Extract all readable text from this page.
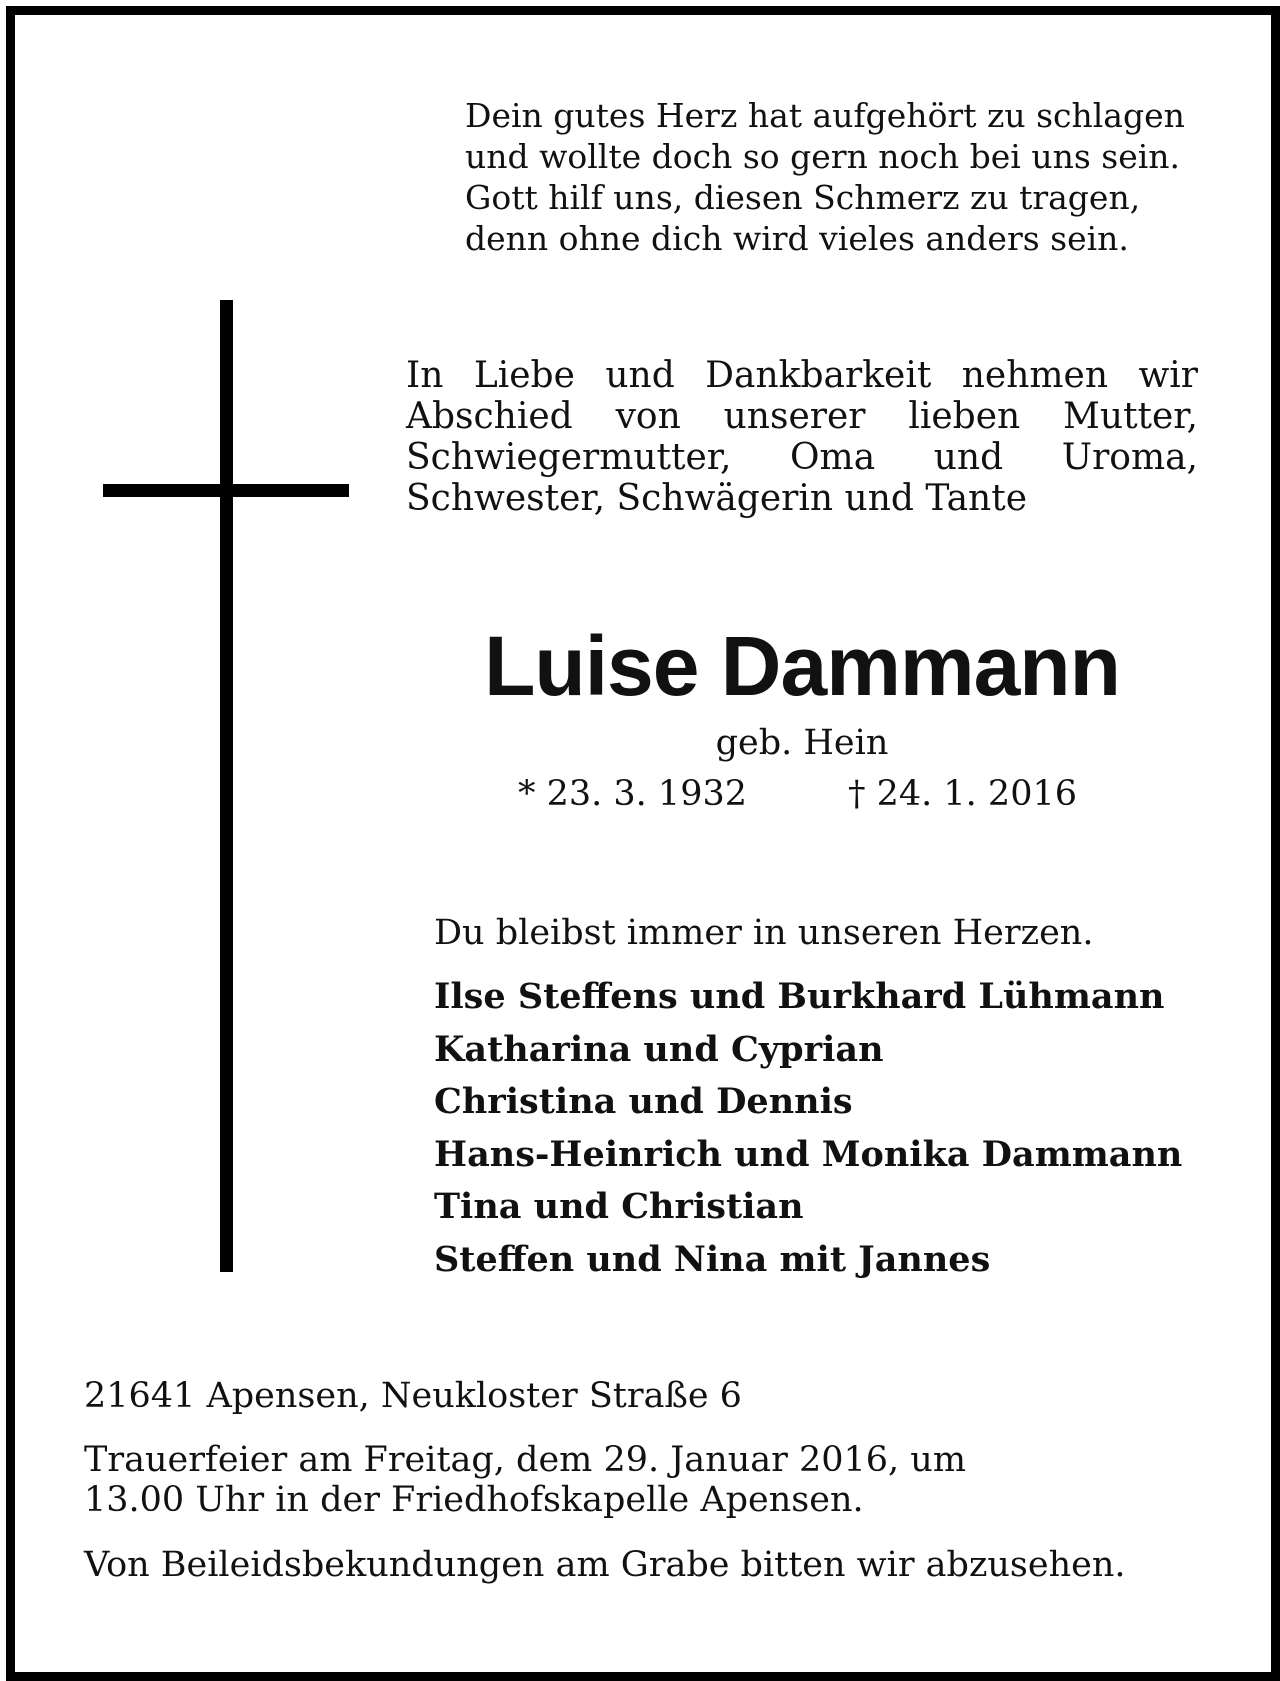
Dein gutes Herz hat aufgehört zu schlagen
und wollte doch so gern noch bei uns sein.
Gott hilf uns, diesen Schmerz zu tragen,
denn ohne dich wird vieles anders sein.
In Liebe und Dankbarkeit nehmen wir
Abschied von unserer lieben Mutter,
Schwiegermutter, Oma und Uroma,
Schwester, Schwägerin und Tante
Luise Dammann
geb. Hein
* 23. 3. 1932	† 24. 1. 2016
Du bleibst immer in unseren Herzen.
Ilse Steffens und Burkhard Lühmann
Katharina und Cyprian
Christina und Dennis
Hans-Heinrich und Monika Dammann
Tina und Christian
Steffen und Nina mit Jannes
21641 Apensen, Neukloster Straße 6
Trauerfeier am Freitag, dem 29. Januar 2016, um
13.00 Uhr in der Friedhofskapelle Apensen.
Von Beileidsbekundungen am Grabe bitten wir abzusehen.
